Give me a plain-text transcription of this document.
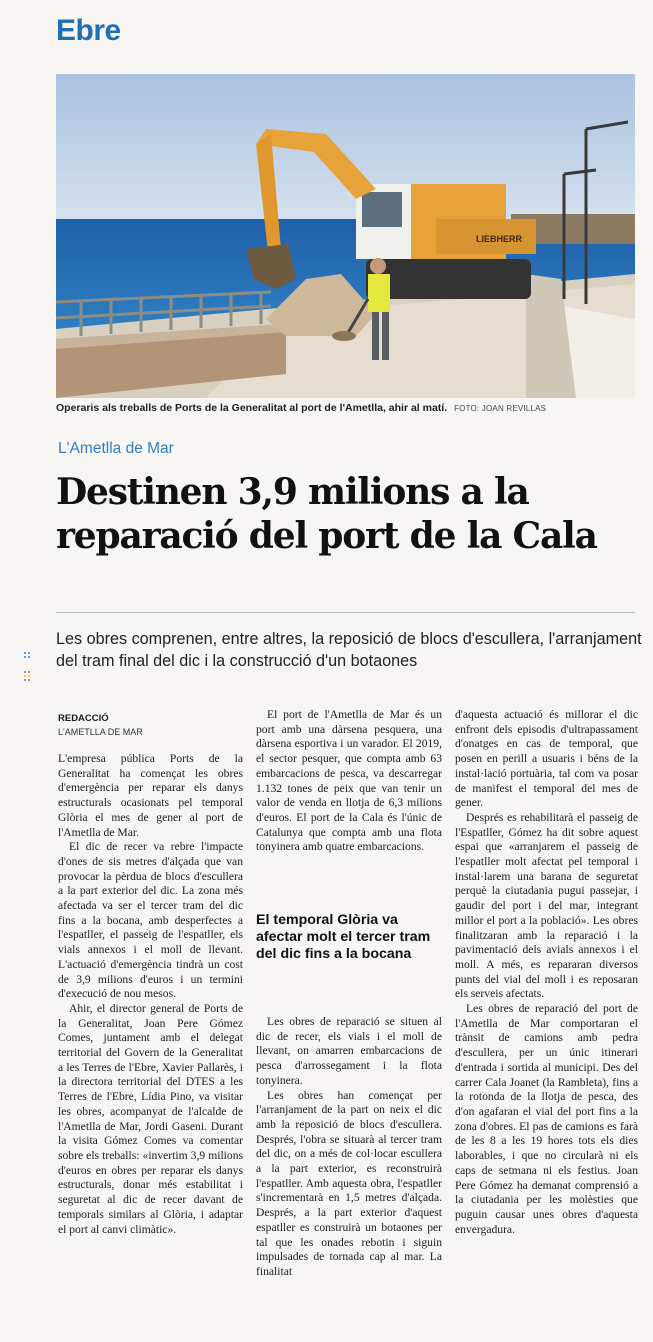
Ebre
LIEBHERR
Operaris als treballs de Ports de la Generalitat al port de l'Ametlla, ahir al matí. FOTO: JOAN REVILLAS
L'Ametlla de Mar
Destinen 3,9 milions a la reparació del port de la Cala
Les obres comprenen, entre altres, la reposició de blocs d'escullera, l'arranjament del tram final del dic i la construcció d'un botaones
REDACCIÓ
L'AMETLLA DE MAR

L'empresa pública Ports de la Generalitat ha començat les obres d'emergència per reparar els danys estructurals ocasionats pel temporal Glòria el mes de gener al port de l'Ametlla de Mar.

El dic de recer va rebre l'impacte d'ones de sis metres d'alçada que van provocar la pèrdua de blocs d'escullera a la part exterior del dic. La zona més afectada va ser el tercer tram del dic fins a la bocana, amb desperfectes a l'espatller, el passeig de l'espatller, els vials annexos i el moll de llevant. L'actuació d'emergència tindrà un cost de 3,9 milions d'euros i un termini d'execució de nou mesos.

Ahir, el director general de Ports de la Generalitat, Joan Pere Gómez Comes, juntament amb el delegat territorial del Govern de la Generalitat a les Terres de l'Ebre, Xavier Pallarès, i la directora territorial del DTES a les Terres de l'Ebre, Lídia Pino, va visitar les obres, acompanyat de l'alcalde de l'Ametlla de Mar, Jordi Gaseni. Durant la visita Gómez Comes va comentar sobre els treballs: «invertim 3,9 milions d'euros en obres per reparar els danys estructurals, donar més estabilitat i seguretat al dic de recer davant de temporals similars al Glòria, i adaptar el port al canvi climàtic».

El port de l'Ametlla de Mar és un port amb una dàrsena pesquera, una dàrsena esportiva i un varador. El 2019, el sector pesquer, que compta amb 63 embarcacions de pesca, va descarregar 1.132 tones de peix que van tenir un valor de venda en llotja de 6,3 milions d'euros. El port de la Cala és l'únic de Catalunya que compta amb una flota tonyinera amb quatre embarcacions.

El temporal Glòria va afectar molt el tercer tram del dic fins a la bocana

Les obres de reparació se situen al dic de recer, els vials i el moll de llevant, on amarren embarcacions de pesca d'arrossegament i la flota tonyinera.

Les obres han començat per l'arranjament de la part on neix el dic amb la reposició de blocs d'escullera. Després, l'obra se situarà al tercer tram del dic, on a més de col·locar escullera a la part exterior, es reconstruirà l'espatller. Amb aquesta obra, l'espatller s'incrementarà en 1,5 metres d'alçada. Després, a la part exterior d'aquest espatller es construirà un botaones per tal que les onades rebotin i siguin impulsades de tornada cap al mar. La finalitat

d'aquesta actuació és millorar el dic enfront dels episodis d'ultrapassament d'onatges en cas de temporal, que posen en perill a usuaris i béns de la instal·lació portuària, tal com va posar de manifest el temporal del mes de gener.

Després es rehabilitarà el passeig de l'Espatller, Gómez ha dit sobre aquest espai que «arranjarem el passeig de l'espatller molt afectat pel temporal i instal·larem una barana de seguretat perquè la ciutadania pugui passejar, i gaudir del port i del mar, integrant millor el port a la població». Les obres finalitzaran amb la reparació i la pavimentació dels avials annexos i el moll. A més, es repararan diversos punts del vial del moll i es reposaran els serveis afectats.

Les obres de reparació del port de l'Ametlla de Mar comportaran el trànsit de camions amb pedra d'escullera, per un únic itinerari d'entrada i sortida al municipi. Des del carrer Cala Joanet (la Rambleta), fins a la rotonda de la llotja de pesca, des d'on agafaran el vial del port fins a la zona d'obres. El pas de camions es farà de les 8 a les 19 hores tots els dies laborables, i que no circularà ni els caps de setmana ni els festius. Joan Pere Gómez ha demanat comprensió a la ciutadania per les molèsties que puguin causar unes obres d'aquesta envergadura.
